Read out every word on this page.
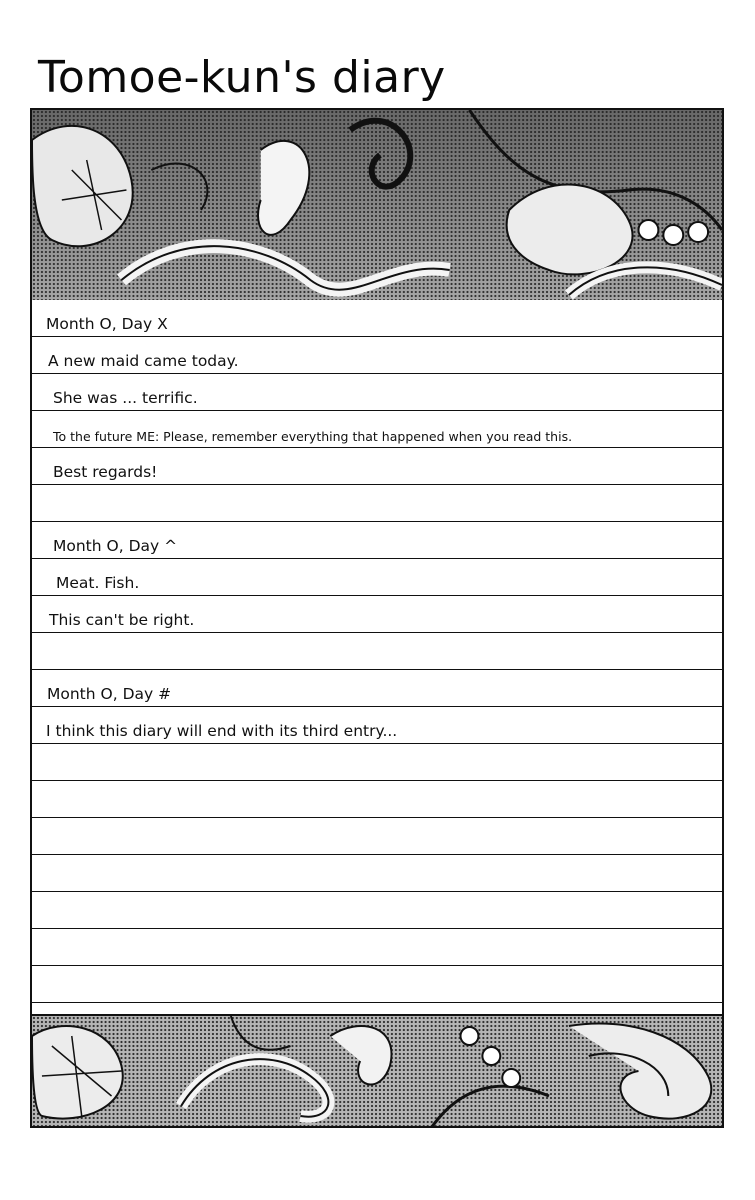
Tomoe-kun's diary
Month O, Day X
A new maid came today.
She was ... terrific.
To the future ME: Please, remember everything that happened when you read this.
Best regards!
Month O, Day ^
Meat. Fish.
This can't be right.
Month O, Day #
I think this diary will end with its third entry...
